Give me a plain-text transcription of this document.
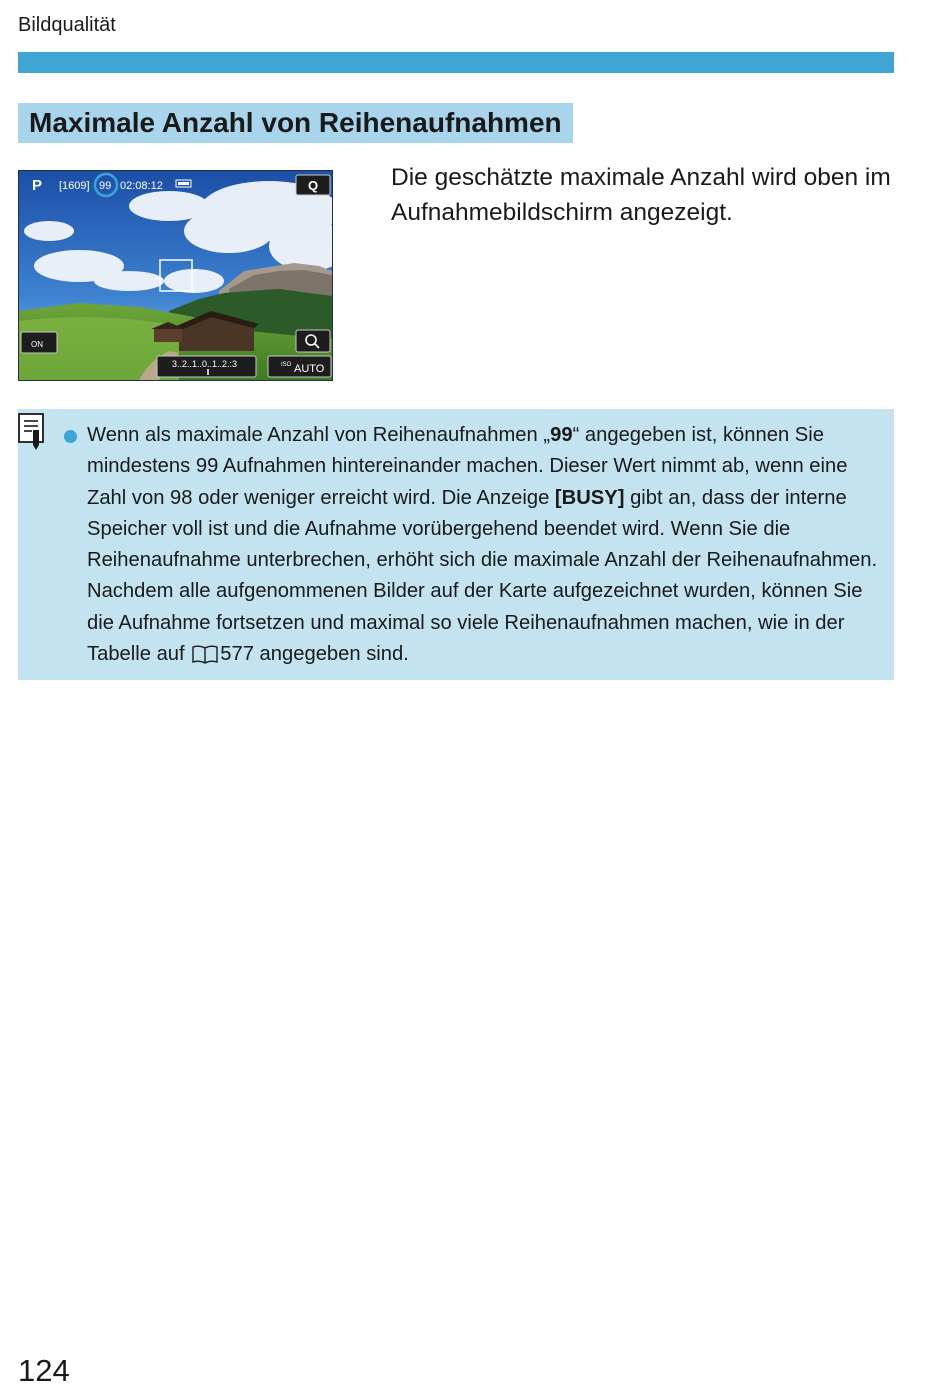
Bildqualität
Maximale Anzahl von Reihenaufnahmen
P [1609] 99 02:08:12	Q
ON
3..2..1..0..1..2.:3	ISO AUTO
Die geschätzte maximale Anzahl wird oben im Aufnahmebildschirm angezeigt.
Wenn als maximale Anzahl von Reihenaufnahmen „99“ angegeben ist, können Sie mindestens 99 Aufnahmen hintereinander machen. Dieser Wert nimmt ab, wenn eine Zahl von 98 oder weniger erreicht wird. Die Anzeige [BUSY] gibt an, dass der interne Speicher voll ist und die Aufnahme vorübergehend beendet wird. Wenn Sie die Reihenaufnahme unterbrechen, erhöht sich die maximale Anzahl der Reihenaufnahmen. Nachdem alle aufgenommenen Bilder auf der Karte aufgezeichnet wurden, können Sie die Aufnahme fortsetzen und maximal so viele Reihenaufnahmen machen, wie in der Tabelle auf 577 angegeben sind.
124
